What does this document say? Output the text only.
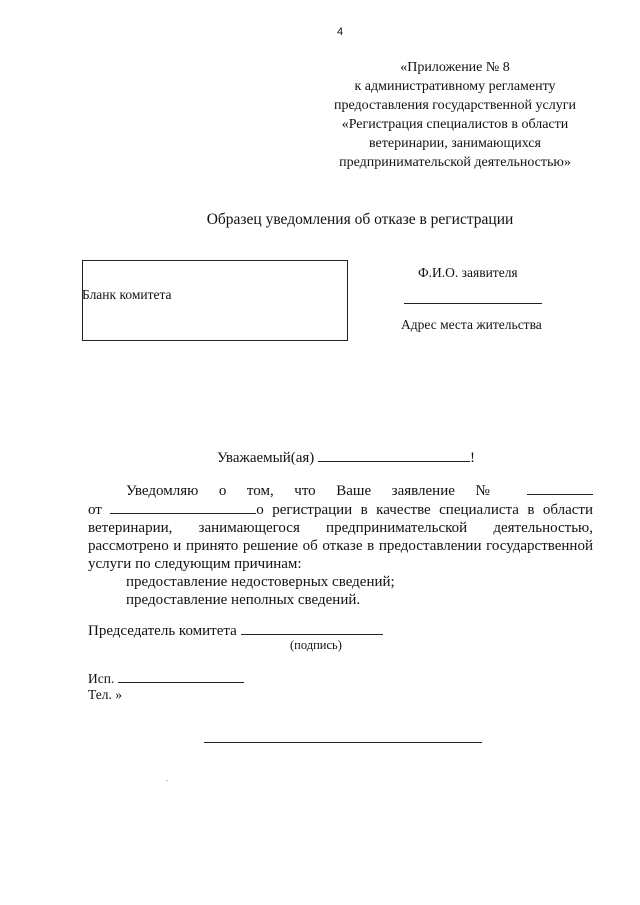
4
«Приложение № 8
к административному регламенту
предоставления государственной услуги
«Регистрация специалистов в области
ветеринарии, занимающихся
предпринимательской деятельностью»
Образец уведомления об отказе в регистрации
Бланк комитета
Ф.И.О. заявителя
Адрес места жительства
Уважаемый(ая)	!
Уведомляю о том, что Ваше заявление №
от	о регистрации в качестве специалиста в области
ветеринарии, занимающегося предпринимательской деятельностью,
рассмотрено и принято решение об отказе в предоставлении государственной
услуги по следующим причинам:
предоставление недостоверных сведений;
предоставление неполных сведений.
Председатель комитета
(подпись)
Исп.
Тел. »
